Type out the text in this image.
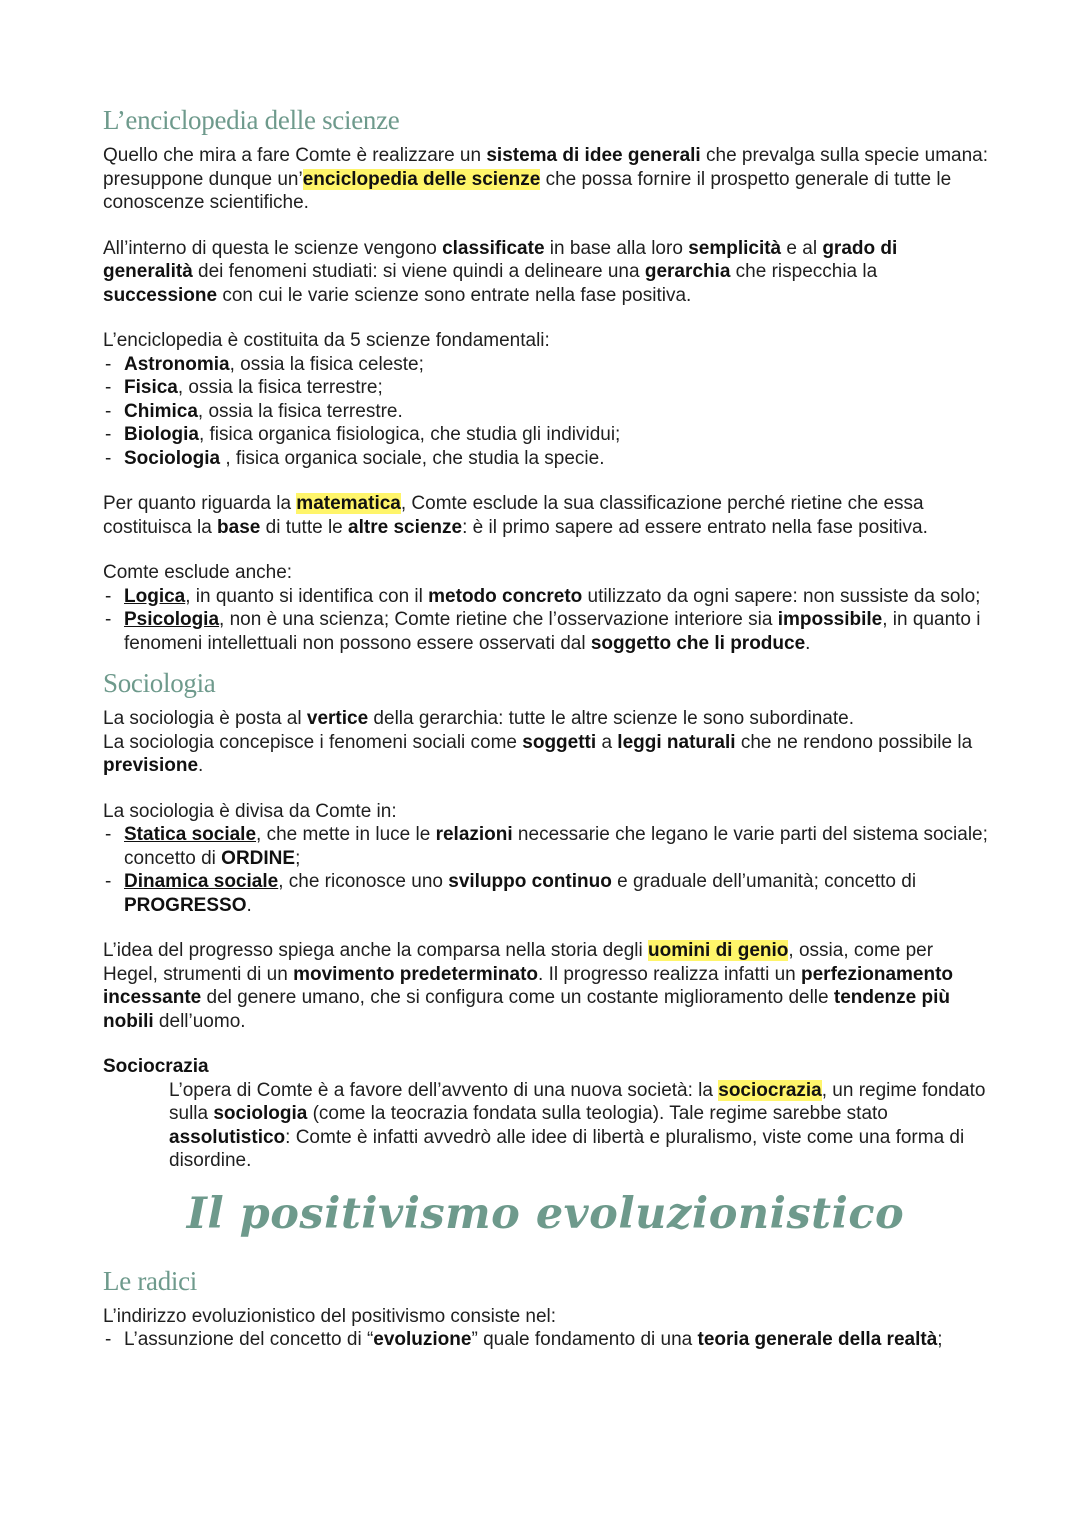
L’enciclopedia delle scienze

Quello che mira a fare Comte è realizzare un sistema di idee generali che prevalga sulla specie umana: presuppone dunque un’enciclopedia delle scienze che possa fornire il prospetto generale di tutte le conoscenze scientifiche.

All’interno di questa le scienze vengono classificate in base alla loro semplicità e al grado di generalità dei fenomeni studiati: si viene quindi a delineare una gerarchia che rispecchia la successione con cui le varie scienze sono entrate nella fase positiva.

L’enciclopedia è costituita da 5 scienze fondamentali:

- Astronomia, ossia la fisica celeste;
- Fisica, ossia la fisica terrestre;
- Chimica, ossia la fisica terrestre.
- Biologia, fisica organica fisiologica, che studia gli individui;
- Sociologia , fisica organica sociale, che studia la specie.

Per quanto riguarda la matematica, Comte esclude la sua classificazione perché rietine che essa costituisca la base di tutte le altre scienze: è il primo sapere ad essere entrato nella fase positiva.

Comte esclude anche:

- Logica, in quanto si identifica con il metodo concreto utilizzato da ogni sapere: non sussiste da solo;
- Psicologia, non è una scienza; Comte rietine che l’osservazione interiore sia impossibile, in quanto i fenomeni intellettuali non possono essere osservati dal soggetto che li produce.
Sociologia

La sociologia è posta al vertice della gerarchia: tutte le altre scienze le sono subordinate.

La sociologia concepisce i fenomeni sociali come soggetti a leggi naturali che ne rendono possibile la previsione.

La sociologia è divisa da Comte in:

- Statica sociale, che mette in luce le relazioni necessarie che legano le varie parti del sistema sociale; concetto di ORDINE;
- Dinamica sociale, che riconosce uno sviluppo continuo e graduale dell’umanità; concetto di PROGRESSO.

L’idea del progresso spiega anche la comparsa nella storia degli uomini di genio, ossia, come per Hegel, strumenti di un movimento predeterminato. Il progresso realizza infatti un perfezionamento incessante del genere umano, che si configura come un costante miglioramento delle tendenze più nobili dell’uomo.

Sociocrazia

L’opera di Comte è a favore dell’avvento di una nuova società: la sociocrazia, un regime fondato sulla sociologia (come la teocrazia fondata sulla teologia). Tale regime sarebbe stato assolutistico: Comte è infatti avvedrò alle idee di libertà e pluralismo, viste come una forma di disordine.

Il positivismo evoluzionistico
Le radici

L’indirizzo evoluzionistico del positivismo consiste nel:

- L’assunzione del concetto di “evoluzione” quale fondamento di una teoria generale della realtà;
